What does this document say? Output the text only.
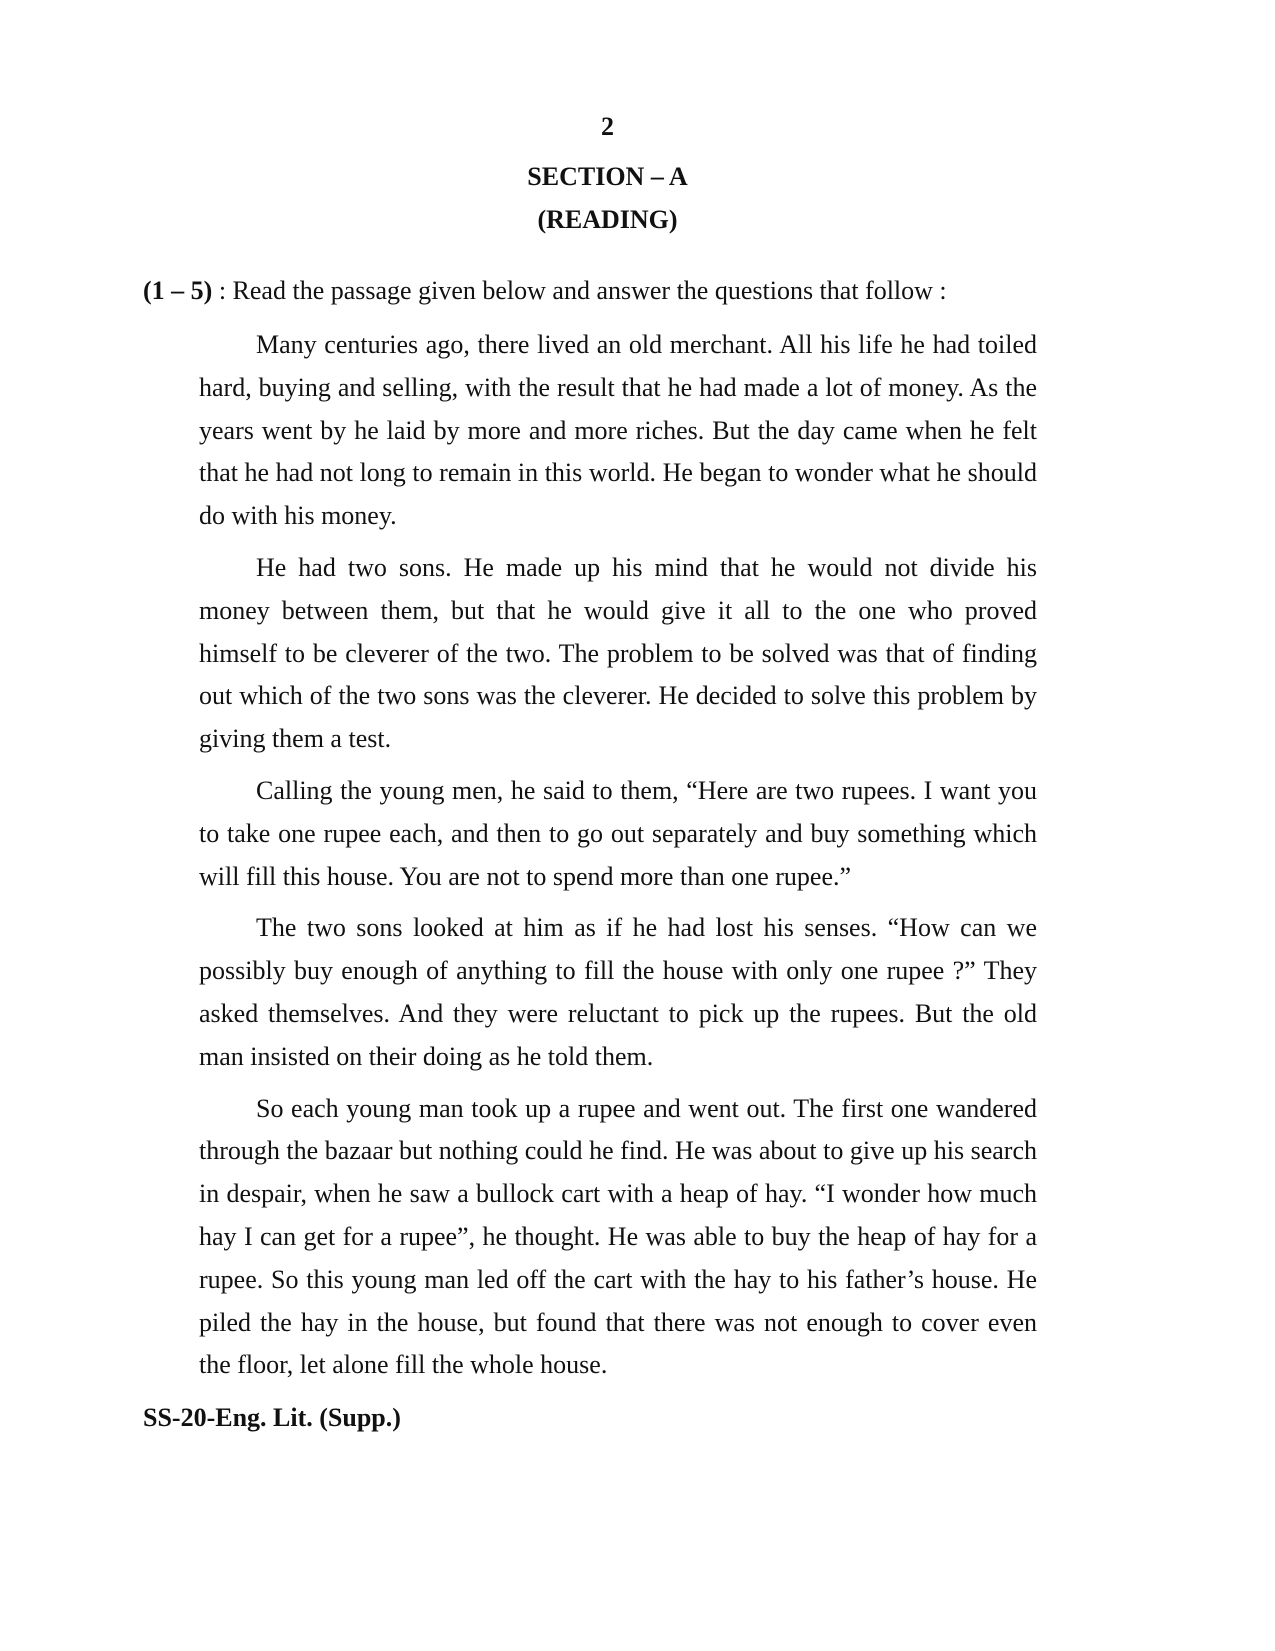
2
SECTION – A
(READING)
(1 – 5) : Read the passage given below and answer the questions that follow :

Many centuries ago, there lived an old merchant. All his life he had toiled hard, buying and selling, with the result that he had made a lot of money. As the years went by he laid by more and more riches. But the day came when he felt that he had not long to remain in this world. He began to wonder what he should do with his money.

He had two sons. He made up his mind that he would not divide his money between them, but that he would give it all to the one who proved himself to be cleverer of the two. The problem to be solved was that of finding out which of the two sons was the cleverer. He decided to solve this problem by giving them a test.

Calling the young men, he said to them, “Here are two rupees. I want you to take one rupee each, and then to go out separately and buy something which will fill this house. You are not to spend more than one rupee.”

The two sons looked at him as if he had lost his senses. “How can we possibly buy enough of anything to fill the house with only one rupee ?” They asked themselves. And they were reluctant to pick up the rupees. But the old man insisted on their doing as he told them.

So each young man took up a rupee and went out. The first one wandered through the bazaar but nothing could he find. He was about to give up his search in despair, when he saw a bullock cart with a heap of hay. “I wonder how much hay I can get for a rupee”, he thought. He was able to buy the heap of hay for a rupee. So this young man led off the cart with the hay to his father’s house. He piled the hay in the house, but found that there was not enough to cover even the floor, let alone fill the whole house.

SS-20-Eng. Lit. (Supp.)
